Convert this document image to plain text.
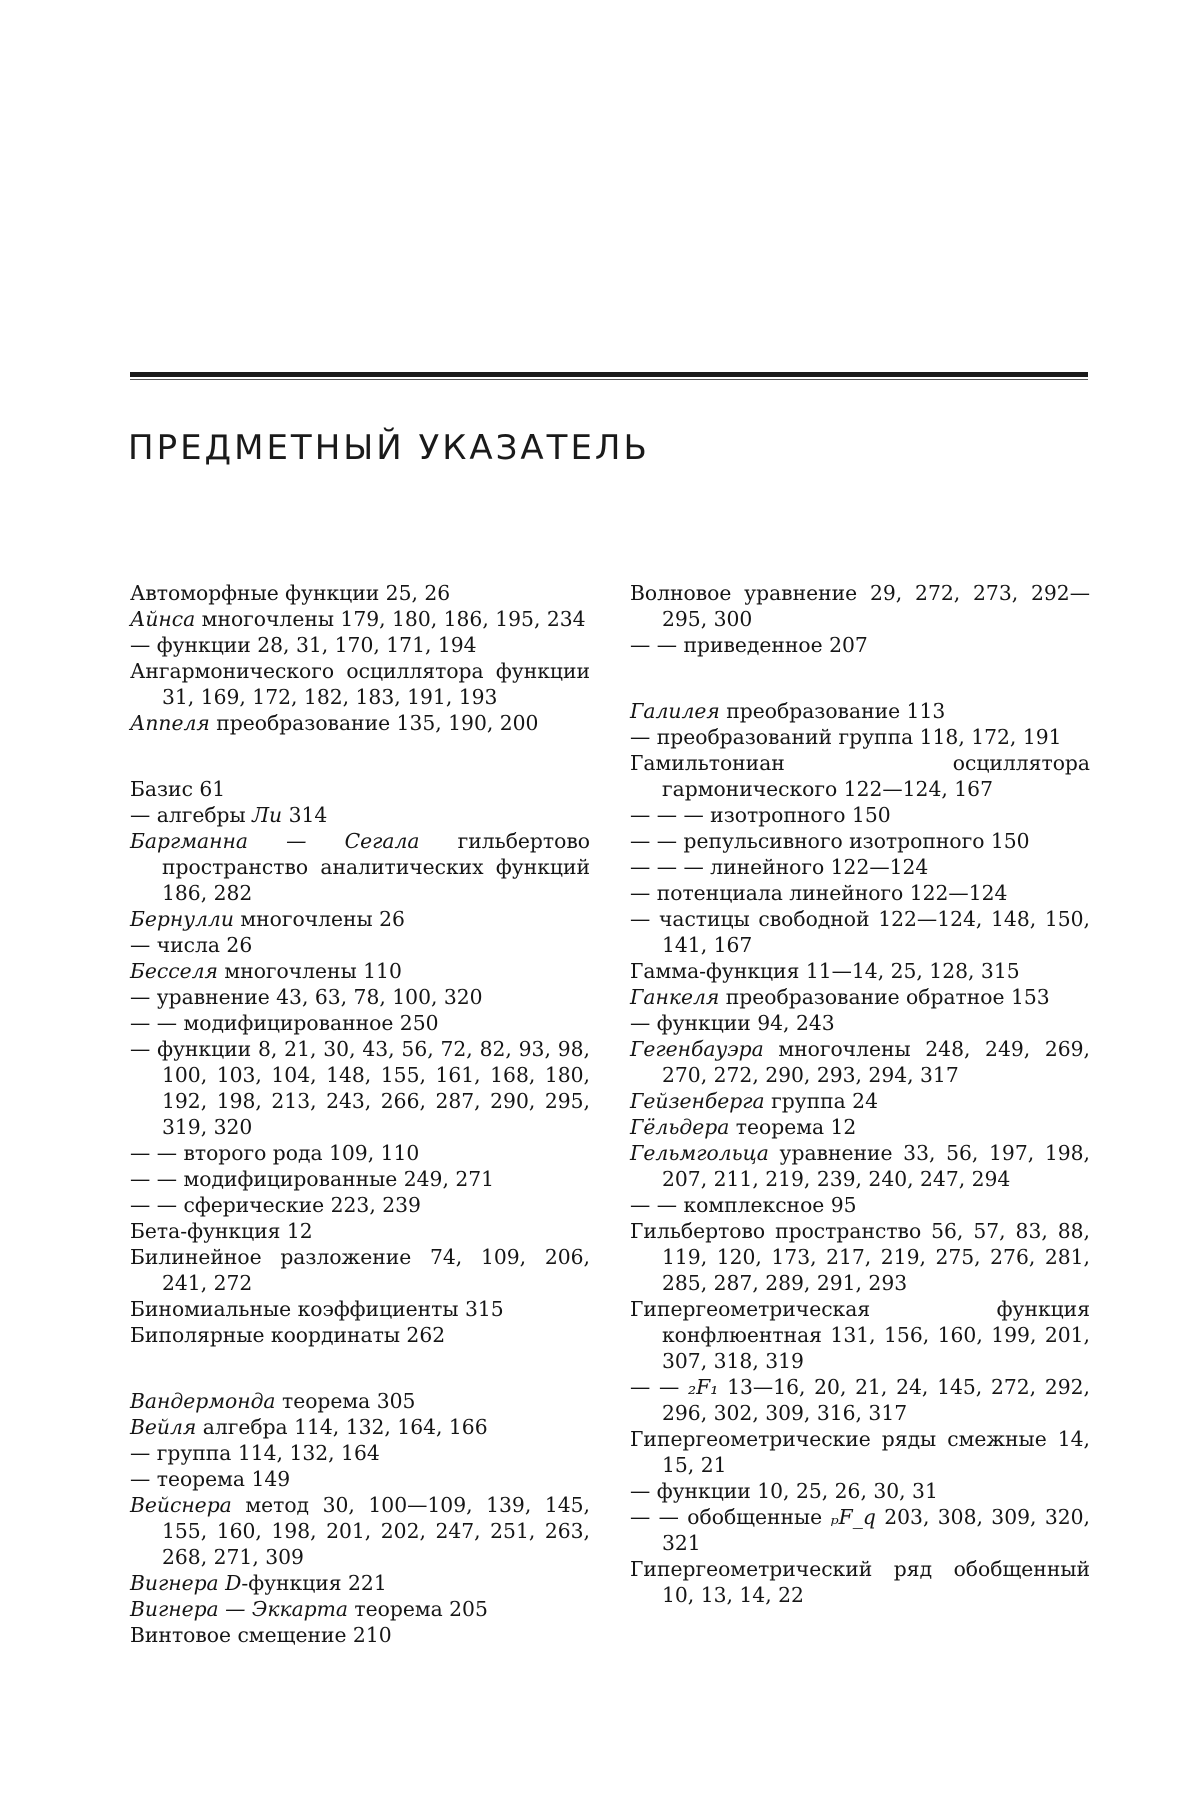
ПРЕДМЕТНЫЙ УКАЗАТЕЛЬ
Автоморфные функции 25, 26
Айнса многочлены 179, 180, 186, 195, 234
— функции 28, 31, 170, 171, 194
Ангармонического осциллятора функции 31, 169, 172, 182, 183, 191, 193
Аппеля преобразование 135, 190, 200
Базис 61
— алгебры Ли 314
Баргманна — Сегала гильбертово пространство аналитических функций 186, 282
Бернулли многочлены 26
— числа 26
Бесселя многочлены 110
— уравнение 43, 63, 78, 100, 320
— — модифицированное 250
— функции 8, 21, 30, 43, 56, 72, 82, 93, 98, 100, 103, 104, 148, 155, 161, 168, 180, 192, 198, 213, 243, 266, 287, 290, 295, 319, 320
— — второго рода 109, 110
— — модифицированные 249, 271
— — сферические 223, 239
Бета-функция 12
Билинейное разложение 74, 109, 206, 241, 272
Биномиальные коэффициенты 315
Биполярные координаты 262
Вандермонда теорема 305
Вейля алгебра 114, 132, 164, 166
— группа 114, 132, 164
— теорема 149
Вейснера метод 30, 100—109, 139, 145, 155, 160, 198, 201, 202, 247, 251, 263, 268, 271, 309
Вигнера D-функция 221
Вигнера — Эккарта теорема 205
Винтовое смещение 210
Волновое уравнение 29, 272, 273, 292—295, 300
— — приведенное 207
Галилея преобразование 113
— преобразований группа 118, 172, 191
Гамильтониан осциллятора гармонического 122—124, 167
— — — изотропного 150
— — репульсивного изотропного 150
— — — линейного 122—124
— потенциала линейного 122—124
— частицы свободной 122—124, 148, 150, 141, 167
Гамма-функция 11—14, 25, 128, 315
Ганкеля преобразование обратное 153
— функции 94, 243
Гегенбауэра многочлены 248, 249, 269, 270, 272, 290, 293, 294, 317
Гейзенберга группа 24
Гёльдера теорема 12
Гельмгольца уравнение 33, 56, 197, 198, 207, 211, 219, 239, 240, 247, 294
— — комплексное 95
Гильбертово пространство 56, 57, 83, 88, 119, 120, 173, 217, 219, 275, 276, 281, 285, 287, 289, 291, 293
Гипергеометрическая функция конфлюентная 131, 156, 160, 199, 201, 307, 318, 319
— — ₂F₁ 13—16, 20, 21, 24, 145, 272, 292, 296, 302, 309, 316, 317
Гипергеометрические ряды смежные 14, 15, 21
— функции 10, 25, 26, 30, 31
— — обобщенные ₚF_q 203, 308, 309, 320, 321
Гипергеометрический ряд обобщенный 10, 13, 14, 22
